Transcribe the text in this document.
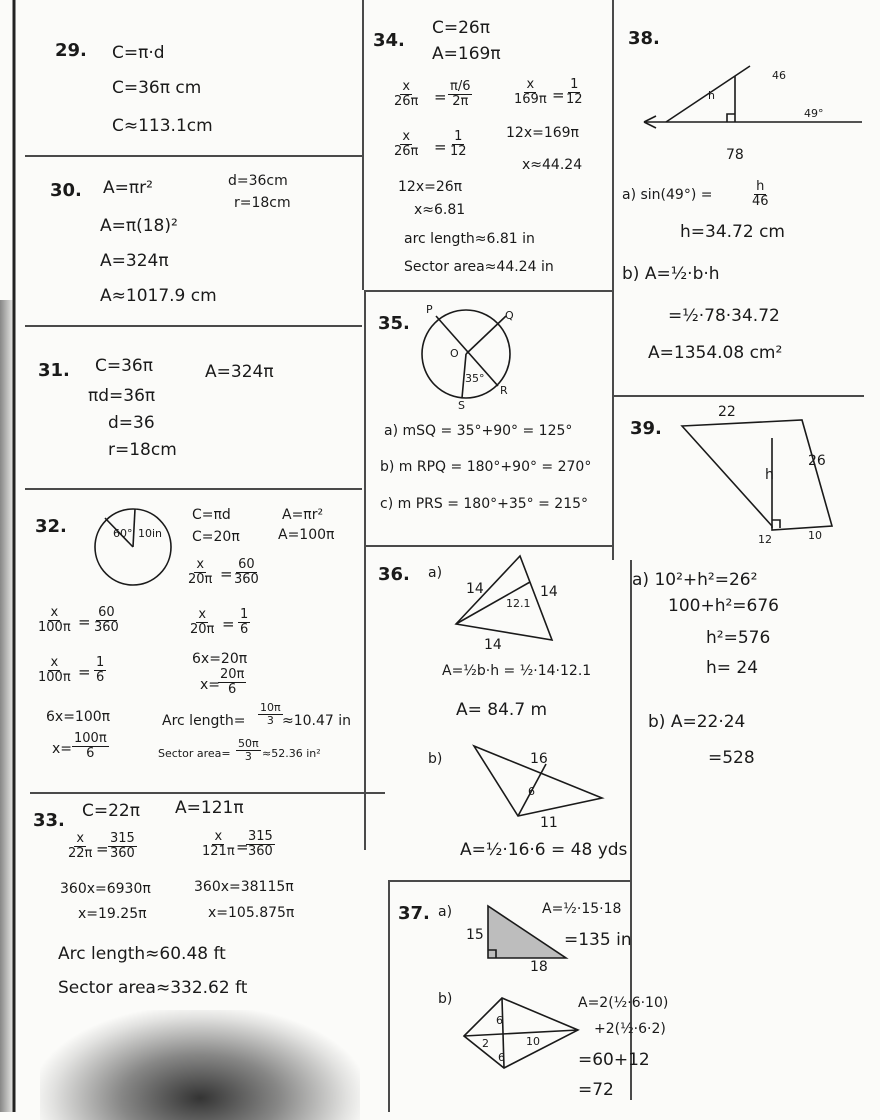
29. C=π·d
C=36π cm
C≈113.1cm
30. A=πr²	d=36cm
r=18cm
A=π(18)²
A=324π
A≈1017.9 cm
31. C=36π	A=324π
πd=36π
d=36
r=18cm
32.	60° 10in
C=πd	A=πr²
C=20π	A=100π
$\frac{x}{20\pi} = \frac{60}{360}$
$\frac{x}{100\pi} = \frac{60}{360}$	$\frac{x}{20\pi} = \frac{1}{6}$
$\frac{x}{100\pi} = \frac{1}{6}$	6x=20π
x=
$\frac{20\pi}{6}$
6x=100π
$x= \frac{100\pi}{6}$
Arc length= $\frac{10\pi}{3} \approx 10.47$ in
Sector area= $\frac{50\pi}{3} \approx 52.36$ in²
33. C=22π A=121π
$\frac{x}{22\pi} = \frac{315}{360}$	$\frac{x}{121\pi}$ =
$\frac{315}{360}$
360x=6930π	360x=38115π
x=19.25π	x=105.875π
Arc length≈60.48 ft
Sector area≈332.62 ft
34.
C=26π
A=169π
$\frac{x}{26\pi} = \frac{\pi/6}{2\pi}$	$\frac{x}{169\pi} = \frac{1}{12}$
$\frac{x}{26\pi} = \frac{1}{12}$	12x=169π
x≈44.24
12x=26π
x≈6.81
arc length≈6.81 in
Sector area≈44.24 in
35.
P	Q
R
S
O
35°
a) mSQ = 35°+90° = 125°
b) m RPQ = 180°+90° = 270°
c) m PRS = 180°+35° = 215°
36. a)
14	14
14
12.1
A=½b·h = ½·14·12.1
A= 84.7 m
b)	16
6
11
A=½·16·6 = 48 yds
37. a)
15
18
A=½·15·18
=135 in
b)
6
2	10
6
A=2(½·6·10)
+2(½·6·2)
=60+12
=72
38.
h
46
49°
78
a) sin(49°) =	$\frac{h}{46}$
h=34.72 cm
b) A=½·b·h
=½·78·34.72
A=1354.08 cm²
39.
22
26
h
12	10
a) 10²+h²=26²
100+h²=676
h²=576
h= 24
b) A=22·24
=528
